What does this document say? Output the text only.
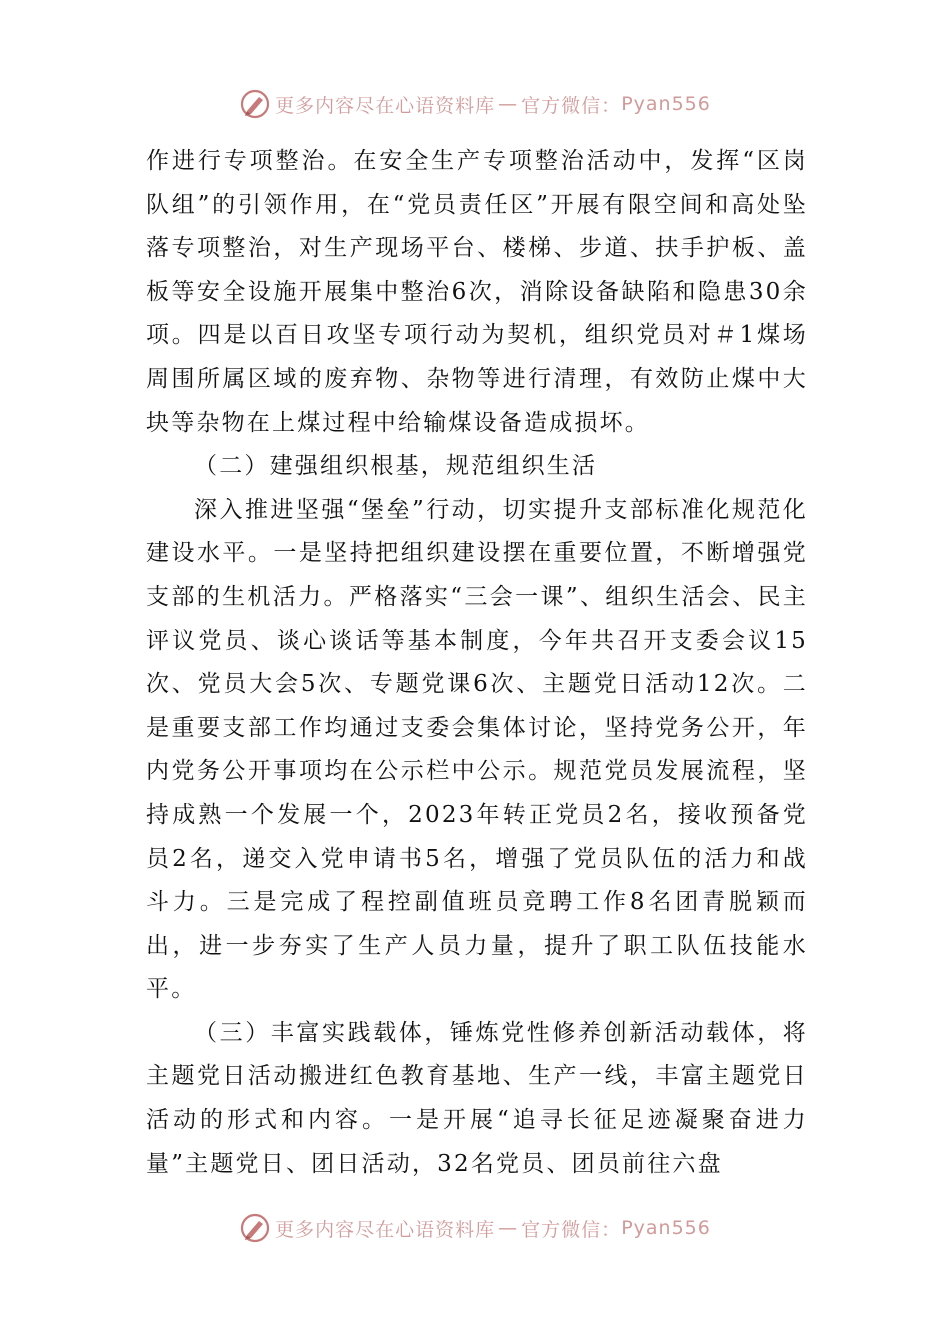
更多内容尽在心语资料库 — 官方微信： Pyan556

作进行专项整治。在安全生产专项整治活动中，发挥“区岗队组”的引领作用，在“党员责任区”开展有限空间和高处坠落专项整治，对生产现场平台、楼梯、步道、扶手护板、盖板等安全设施开展集中整治6次，消除设备缺陷和隐患30余项。四是以百日攻坚专项行动为契机，组织党员对＃1煤场周围所属区域的废弃物、杂物等进行清理，有效防止煤中大块等杂物在上煤过程中给输煤设备造成损坏。

（二）建强组织根基，规范组织生活

深入推进坚强“堡垒”行动，切实提升支部标准化规范化建设水平。一是坚持把组织建设摆在重要位置，不断增强党支部的生机活力。严格落实“三会一课”、组织生活会、民主评议党员、谈心谈话等基本制度，今年共召开支委会议15次、党员大会5次、专题党课6次、主题党日活动12次。二是重要支部工作均通过支委会集体讨论，坚持党务公开，年内党务公开事项均在公示栏中公示。规范党员发展流程，坚持成熟一个发展一个，2023年转正党员2名，接收预备党员2名，递交入党申请书5名，增强了党员队伍的活力和战斗力。三是完成了程控副值班员竞聘工作8名团青脱颖而出，进一步夯实了生产人员力量，提升了职工队伍技能水平。

（三）丰富实践载体，锤炼党性修养创新活动载体，将主题党日活动搬进红色教育基地、生产一线，丰富主题党日活动的形式和内容。一是开展“追寻长征足迹凝聚奋进力量”主题党日、团日活动，32名党员、团员前往六盘

更多内容尽在心语资料库 — 官方微信： Pyan556
